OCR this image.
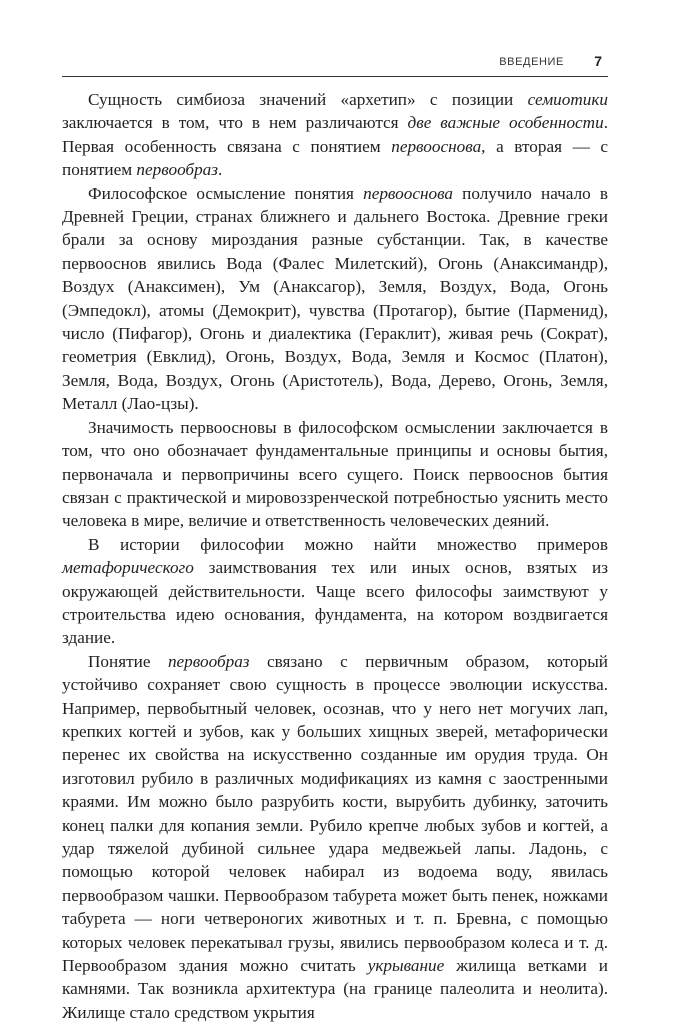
ВВЕДЕНИЕ 7

Сущность симбиоза значений «архетип» с позиции семиотики заключается в том, что в нем различаются две важные особенности. Первая особенность связана с понятием первооснова, а вторая — с понятием первообраз.

Философское осмысление понятия первооснова получило начало в Древней Греции, странах ближнего и дальнего Востока. Древние греки брали за основу мироздания разные субстанции. Так, в качестве первооснов явились Вода (Фалес Милетский), Огонь (Анаксимандр), Воздух (Анаксимен), Ум (Анаксагор), Земля, Воздух, Вода, Огонь (Эмпедокл), атомы (Демокрит), чувства (Протагор), бытие (Парменид), число (Пифагор), Огонь и диалектика (Гераклит), живая речь (Сократ), геометрия (Евклид), Огонь, Воздух, Вода, Земля и Космос (Платон), Земля, Вода, Воздух, Огонь (Аристотель), Вода, Дерево, Огонь, Земля, Металл (Лао-цзы).

Значимость первоосновы в философском осмыслении заключается в том, что оно обозначает фундаментальные принципы и основы бытия, первоначала и первопричины всего сущего. Поиск первооснов бытия связан с практической и мировоззренческой потребностью уяснить место человека в мире, величие и ответственность человеческих деяний.

В истории философии можно найти множество примеров метафорического заимствования тех или иных основ, взятых из окружающей действительности. Чаще всего философы заимствуют у строительства идею основания, фундамента, на котором воздвигается здание.

Понятие первообраз связано с первичным образом, который устойчиво сохраняет свою сущность в процессе эволюции искусства. Например, первобытный человек, осознав, что у него нет могучих лап, крепких когтей и зубов, как у больших хищных зверей, метафорически перенес их свойства на искусственно созданные им орудия труда. Он изготовил рубило в различных модификациях из камня с заостренными краями. Им можно было разрубить кости, вырубить дубинку, заточить конец палки для копания земли. Рубило крепче любых зубов и когтей, а удар тяжелой дубиной сильнее удара медвежьей лапы. Ладонь, с помощью которой человек набирал из водоема воду, явилась первообразом чашки. Первообразом табурета может быть пенек, ножками табурета — ноги четвероногих животных и т. п. Бревна, с помощью которых человек перекатывал грузы, явились первообразом колеса и т. д. Первообразом здания можно считать укрывание жилища ветками и камнями. Так возникла архитектура (на границе палеолита и неолита). Жилище стало средством укрытия
